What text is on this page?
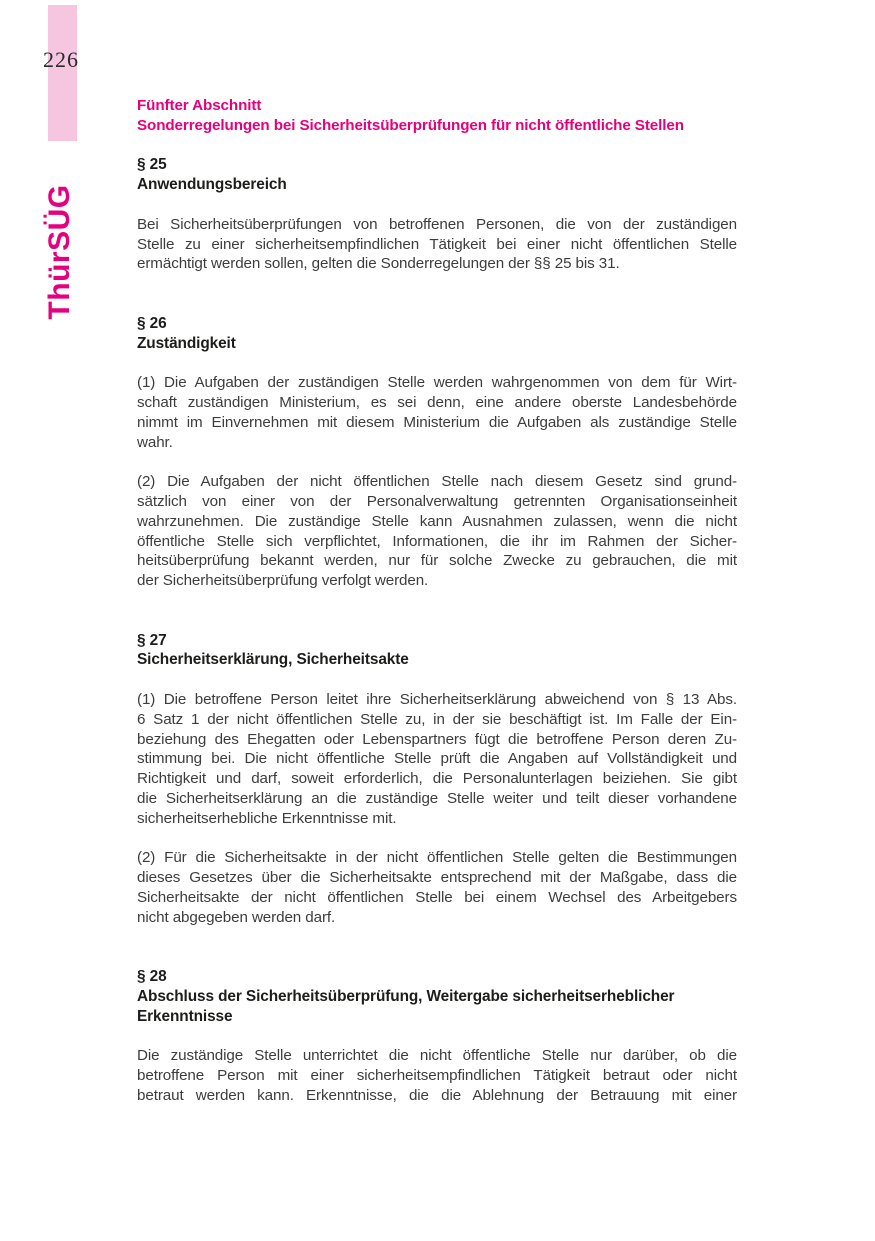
226
ThürSÜG
Fünfter Abschnitt
Sonderregelungen bei Sicherheitsüberprüfungen für nicht öffentliche Stellen
§ 25
Anwendungsbereich
Bei Sicherheitsüberprüfungen von betroffenen Personen, die von der zuständigen
Stelle zu einer sicherheitsempfindlichen Tätigkeit bei einer nicht öffentlichen Stelle
ermächtigt werden sollen, gelten die Sonderregelungen der §§ 25 bis 31.
§ 26
Zuständigkeit
(1) Die Aufgaben der zuständigen Stelle werden wahrgenommen von dem für Wirt-
schaft zuständigen Ministerium, es sei denn, eine andere oberste Landesbehörde
nimmt im Einvernehmen mit diesem Ministerium die Aufgaben als zuständige Stelle
wahr.
(2) Die Aufgaben der nicht öffentlichen Stelle nach diesem Gesetz sind grund-
sätzlich von einer von der Personalverwaltung getrennten Organisationseinheit
wahrzunehmen. Die zuständige Stelle kann Ausnahmen zulassen, wenn die nicht
öffentliche Stelle sich verpflichtet, Informationen, die ihr im Rahmen der Sicher-
heitsüberprüfung bekannt werden, nur für solche Zwecke zu gebrauchen, die mit
der Sicherheitsüberprüfung verfolgt werden.
§ 27
Sicherheitserklärung, Sicherheitsakte
(1) Die betroffene Person leitet ihre Sicherheitserklärung abweichend von § 13 Abs.
6 Satz 1 der nicht öffentlichen Stelle zu, in der sie beschäftigt ist. Im Falle der Ein-
beziehung des Ehegatten oder Lebenspartners fügt die betroffene Person deren Zu-
stimmung bei. Die nicht öffentliche Stelle prüft die Angaben auf Vollständigkeit und
Richtigkeit und darf, soweit erforderlich, die Personalunterlagen beiziehen. Sie gibt
die Sicherheitserklärung an die zuständige Stelle weiter und teilt dieser vorhandene
sicherheitserhebliche Erkenntnisse mit.
(2) Für die Sicherheitsakte in der nicht öffentlichen Stelle gelten die Bestimmungen
dieses Gesetzes über die Sicherheitsakte entsprechend mit der Maßgabe, dass die
Sicherheitsakte der nicht öffentlichen Stelle bei einem Wechsel des Arbeitgebers
nicht abgegeben werden darf.
§ 28
Abschluss der Sicherheitsüberprüfung, Weitergabe sicherheitserheblicher
Erkenntnisse
Die zuständige Stelle unterrichtet die nicht öffentliche Stelle nur darüber, ob die
betroffene Person mit einer sicherheitsempfindlichen Tätigkeit betraut oder nicht
betraut werden kann. Erkenntnisse, die die Ablehnung der Betrauung mit einer
